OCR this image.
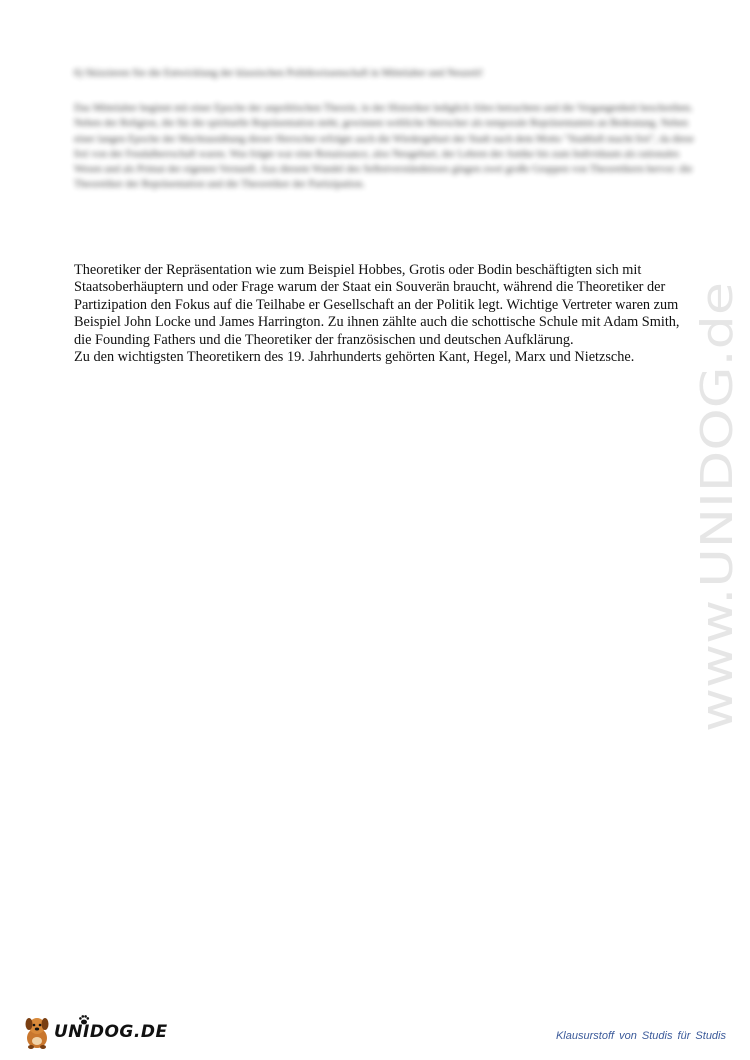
6) Skizzieren Sie die Entwicklung der klassischen Politikwissenschaft in Mittelalter und Neuzeit!

Das Mittelalter beginnt mit einer Epoche der unpolitischen Theorie, in der Historiker lediglich Altes betrachten und die Vergangenheit beschreiben. Neben der Religion, die für die spirituelle Repräsentation steht, gewinnen weltliche Herrscher als temporale Repräsentanten an Bedeutung. Neben einer langen Epoche der Machtausübung dieser Herrscher erfolgte auch die Wiedergeburt der Stadt nach dem Motto "Stadtluft macht frei", da diese frei von der Feudalherrschaft waren. Was folgte war eine Renaissance, also Neugeburt, der Lehren der Antike bis zum Individuum als rationales Wesen und als Primat der eigenen Vernunft. Aus diesem Wandel des Selbstverständnisses gingen zwei große Gruppen von Theoretikern hervor: die Theoretiker der Repräsentation und die Theoretiker der Partizipation.

Theoretiker der Repräsentation wie zum Beispiel Hobbes, Grotis oder Bodin beschäftigten sich mit Staatsoberhäuptern und oder Frage warum der Staat ein Souverän braucht, während die Theoretiker der Partizipation den Fokus auf die Teilhabe er Gesellschaft an der Politik legt. Wichtige Vertreter waren zum Beispiel John Locke und James Harrington. Zu ihnen zählte auch die schottische Schule mit Adam Smith, die Founding Fathers und die Theoretiker der französischen und deutschen Aufklärung.

Zu den wichtigsten Theoretikern des 19. Jahrhunderts gehörten Kant, Hegel, Marx und Nietzsche.

www.UNIDOG.de
UNIDOG.DE	Klausurstoff von Studis für Studis
